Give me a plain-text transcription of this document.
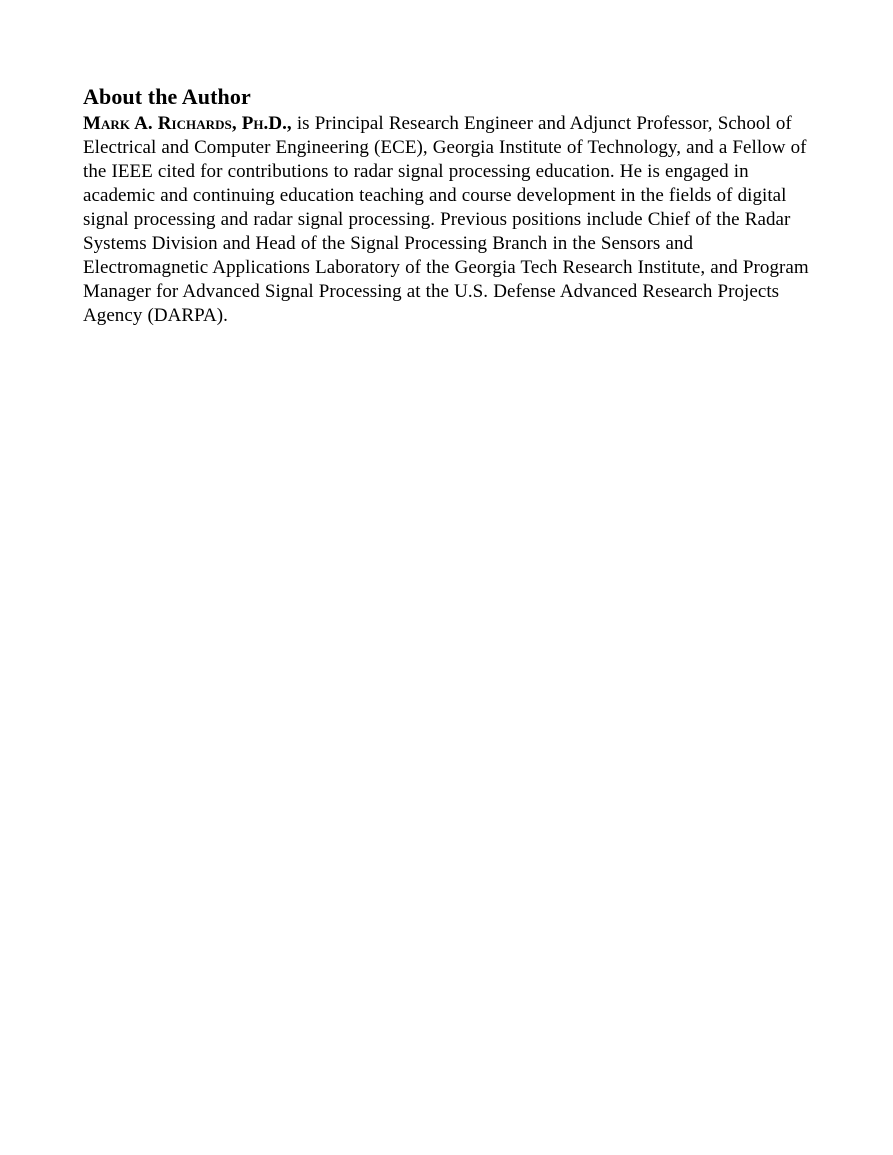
About the Author

Mark A. Richards, Ph.D., is Principal Research Engineer and Adjunct Professor, School of Electrical and Computer Engineering (ECE), Georgia Institute of Technology, and a Fellow of the IEEE cited for contributions to radar signal processing education. He is engaged in academic and continuing education teaching and course development in the fields of digital signal processing and radar signal processing. Previous positions include Chief of the Radar Systems Division and Head of the Signal Processing Branch in the Sensors and Electromagnetic Applications Laboratory of the Georgia Tech Research Institute, and Program Manager for Advanced Signal Processing at the U.S. Defense Advanced Research Projects Agency (DARPA).
